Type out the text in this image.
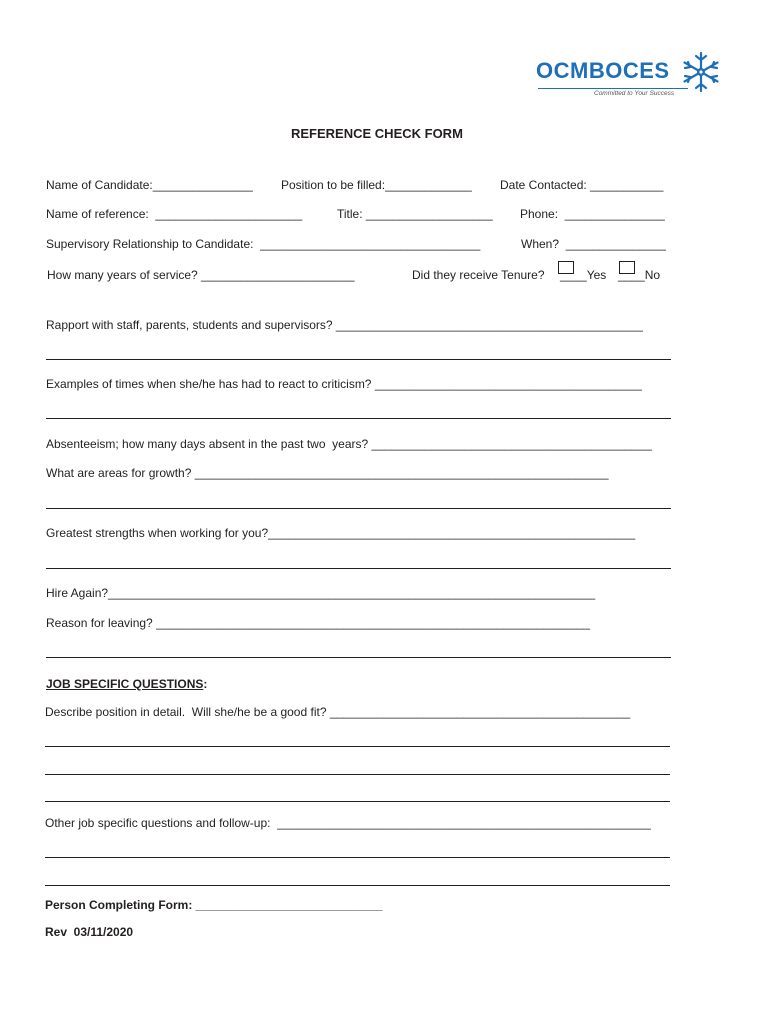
OCMBOCES
Committed to Your Success
REFERENCE CHECK FORM
Name of Candidate:_______________ Position to be filled:_____________ Date Contacted: ___________
Name of reference:  ______________________	Title: ___________________ Phone:  _______________
Supervisory Relationship to Candidate:  _________________________________	When?  _______________
How many years of service? _______________________	Did they receive Tenure? ____Yes ____No
Rapport with staff, parents, students and supervisors? ______________________________________________
Examples of times when she/he has had to react to criticism? ________________________________________
Absenteeism; how many days absent in the past two  years? __________________________________________
What are areas for growth? ______________________________________________________________
Greatest strengths when working for you?_______________________________________________________
Hire Again?_________________________________________________________________________
Reason for leaving? _________________________________________________________________
JOB SPECIFIC QUESTIONS:
Describe position in detail.  Will she/he be a good fit? _____________________________________________
Other job specific questions and follow-up:  ________________________________________________________
Person Completing Form: ____________________________
Rev  03/11/2020
